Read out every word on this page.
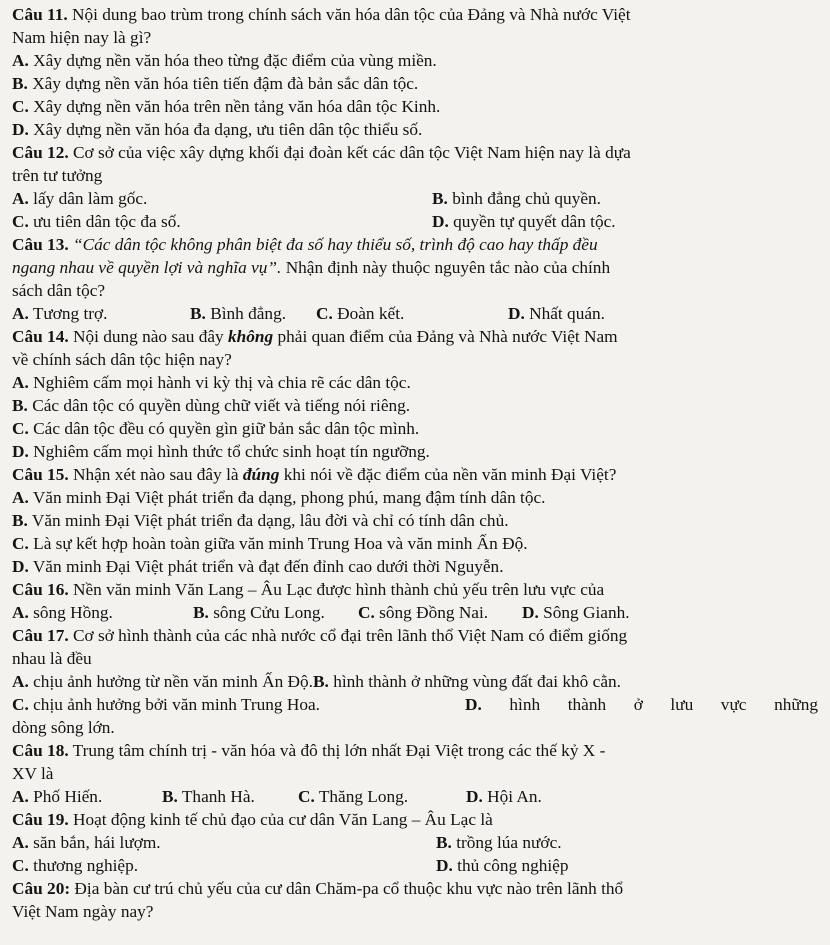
Câu 11. Nội dung bao trùm trong chính sách văn hóa dân tộc của Đảng và Nhà nước Việt
Nam hiện nay là gì?
A. Xây dựng nền văn hóa theo từng đặc điểm của vùng miền.
B. Xây dựng nền văn hóa tiên tiến đậm đà bản sắc dân tộc.
C. Xây dựng nền văn hóa trên nền tảng văn hóa dân tộc Kinh.
D. Xây dựng nền văn hóa đa dạng, ưu tiên dân tộc thiểu số.
Câu 12. Cơ sở của việc xây dựng khối đại đoàn kết các dân tộc Việt Nam hiện nay là dựa
trên tư tưởng
A. lấy dân làm gốc.	B. bình đẳng chủ quyền.
C. ưu tiên dân tộc đa số.	D. quyền tự quyết dân tộc.
Câu 13. “Các dân tộc không phân biệt đa số hay thiểu số, trình độ cao hay thấp đều
ngang nhau về quyền lợi và nghĩa vụ”. Nhận định này thuộc nguyên tắc nào của chính
sách dân tộc?
A. Tương trợ.	B. Bình đẳng. C. Đoàn kết.	D. Nhất quán.
Câu 14. Nội dung nào sau đây không phải quan điểm của Đảng và Nhà nước Việt Nam
về chính sách dân tộc hiện nay?
A. Nghiêm cấm mọi hành vi kỳ thị và chia rẽ các dân tộc.
B. Các dân tộc có quyền dùng chữ viết và tiếng nói riêng.
C. Các dân tộc đều có quyền gìn giữ bản sắc dân tộc mình.
D. Nghiêm cấm mọi hình thức tổ chức sinh hoạt tín ngưỡng.
Câu 15. Nhận xét nào sau đây là đúng khi nói về đặc điểm của nền văn minh Đại Việt?
A. Văn minh Đại Việt phát triển đa dạng, phong phú, mang đậm tính dân tộc.
B. Văn minh Đại Việt phát triển đa dạng, lâu đời và chỉ có tính dân chủ.
C. Là sự kết hợp hoàn toàn giữa văn minh Trung Hoa và văn minh Ấn Độ.
D. Văn minh Đại Việt phát triển và đạt đến đỉnh cao dưới thời Nguyễn.
Câu 16. Nền văn minh Văn Lang – Âu Lạc được hình thành chủ yếu trên lưu vực của
A. sông Hồng.	B. sông Cửu Long. C. sông Đồng Nai. D. Sông Gianh.
Câu 17. Cơ sở hình thành của các nhà nước cổ đại trên lãnh thổ Việt Nam có điểm giống
nhau là đều
A. chịu ảnh hưởng từ nền văn minh Ấn Độ.B. hình thành ở những vùng đất đai khô cằn.
C. chịu ảnh hưởng bởi văn minh Trung Hoa.	D. hình thành ở lưu vực những
dòng sông lớn.
Câu 18. Trung tâm chính trị - văn hóa và đô thị lớn nhất Đại Việt trong các thế kỷ X -
XV là
A. Phố Hiến.	B. Thanh Hà. C. Thăng Long.	D. Hội An.
Câu 19. Hoạt động kinh tế chủ đạo của cư dân Văn Lang – Âu Lạc là
A. săn bắn, hái lượm.	B. trồng lúa nước.
C. thương nghiệp.	D. thủ công nghiệp
Câu 20: Địa bàn cư trú chủ yếu của cư dân Chăm-pa cổ thuộc khu vực nào trên lãnh thổ
Việt Nam ngày nay?
